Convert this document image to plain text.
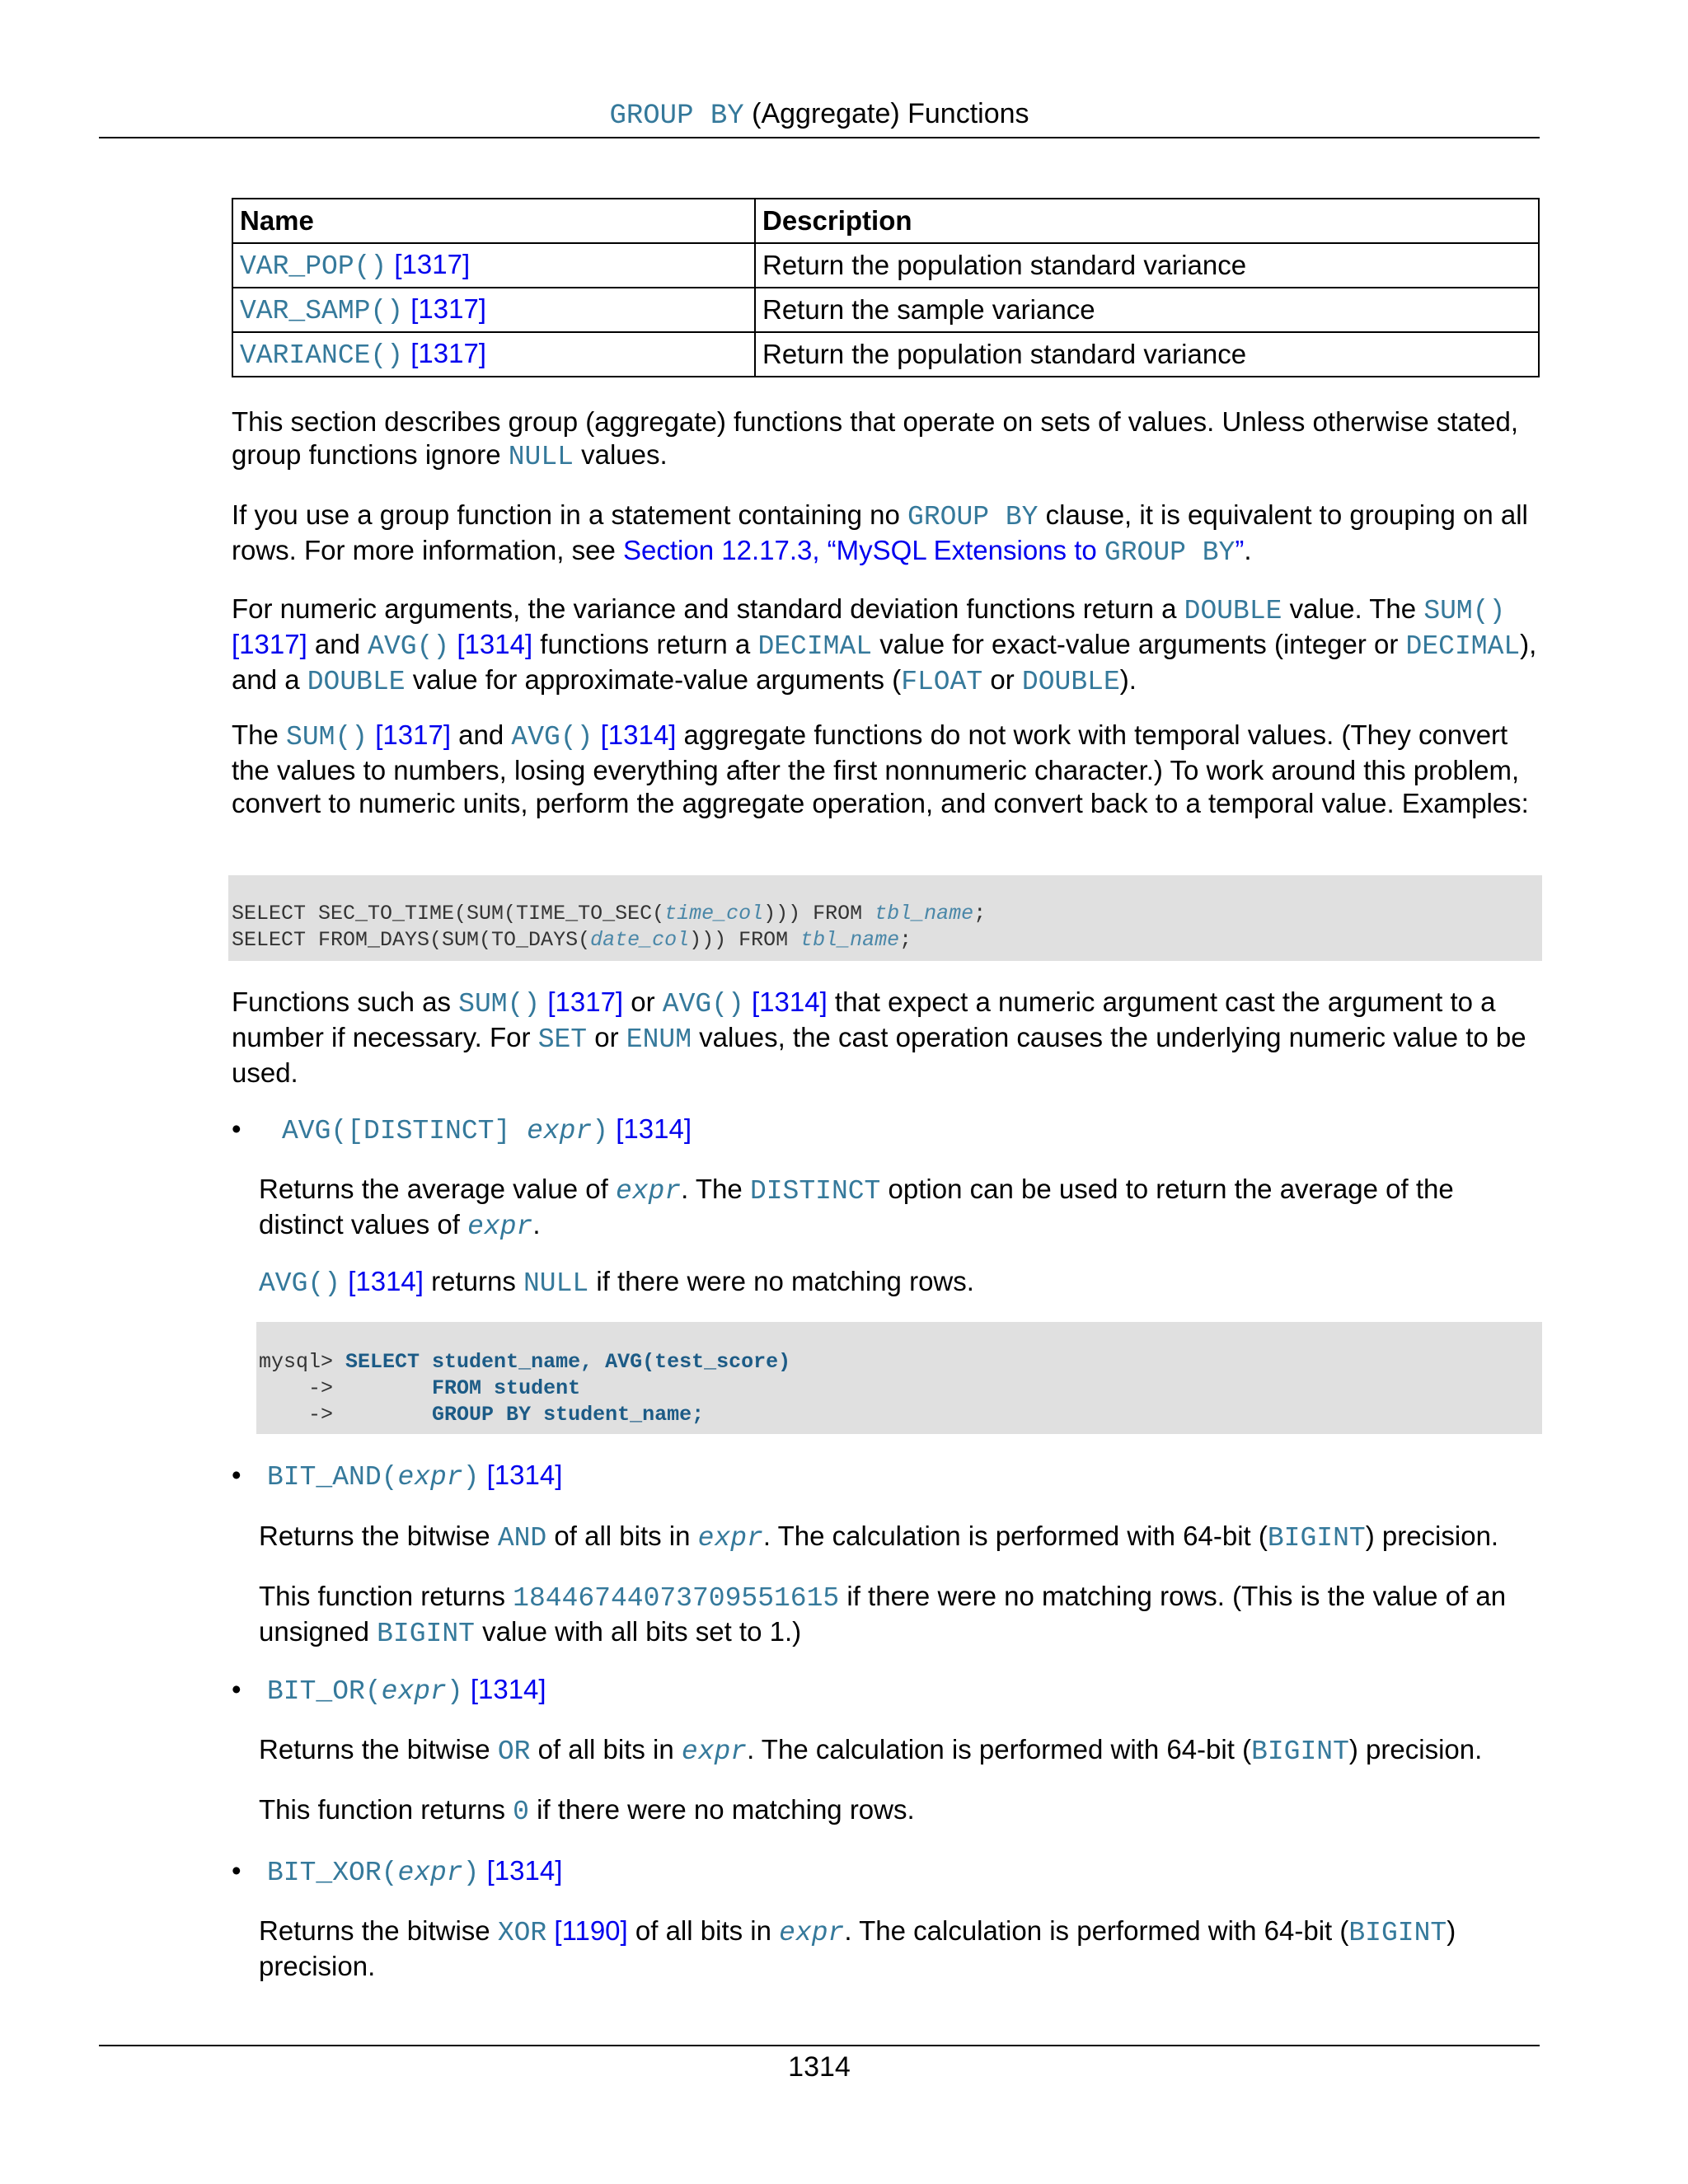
GROUP BY (Aggregate) Functions
Name	Description
VAR_POP() [1317]	Return the population standard variance
VAR_SAMP() [1317]	Return the sample variance
VARIANCE() [1317]	Return the population standard variance

This section describes group (aggregate) functions that operate on sets of values. Unless otherwise stated, group functions ignore NULL values.

If you use a group function in a statement containing no GROUP BY clause, it is equivalent to grouping on all rows. For more information, see Section 12.17.3, “MySQL Extensions to GROUP BY”.

For numeric arguments, the variance and standard deviation functions return a DOUBLE value. The SUM() [1317] and AVG() [1314] functions return a DECIMAL value for exact-value arguments (integer or DECIMAL), and a DOUBLE value for approximate-value arguments (FLOAT or DOUBLE).

The SUM() [1317] and AVG() [1314] aggregate functions do not work with temporal values. (They convert the values to numbers, losing everything after the first nonnumeric character.) To work around this problem, convert to numeric units, perform the aggregate operation, and convert back to a temporal value. Examples:

SELECT SEC_TO_TIME(SUM(TIME_TO_SEC(time_col))) FROM tbl_name;
SELECT FROM_DAYS(SUM(TO_DAYS(date_col))) FROM tbl_name;

Functions such as SUM() [1317] or AVG() [1314] that expect a numeric argument cast the argument to a number if necessary. For SET or ENUM values, the cast operation causes the underlying numeric value to be used.

• AVG([DISTINCT] expr) [1314]

Returns the average value of expr. The DISTINCT option can be used to return the average of the distinct values of expr.

AVG() [1314] returns NULL if there were no matching rows.

mysql> SELECT student_name, AVG(test_score)
->        FROM student
->        GROUP BY student_name;
• BIT_AND(expr) [1314]

Returns the bitwise AND of all bits in expr. The calculation is performed with 64-bit (BIGINT) precision.

This function returns 18446744073709551615 if there were no matching rows. (This is the value of an unsigned BIGINT value with all bits set to 1.)

• BIT_OR(expr) [1314]

Returns the bitwise OR of all bits in expr. The calculation is performed with 64-bit (BIGINT) precision.

This function returns 0 if there were no matching rows.

• BIT_XOR(expr) [1314]

Returns the bitwise XOR [1190] of all bits in expr. The calculation is performed with 64-bit (BIGINT) precision.

1314
